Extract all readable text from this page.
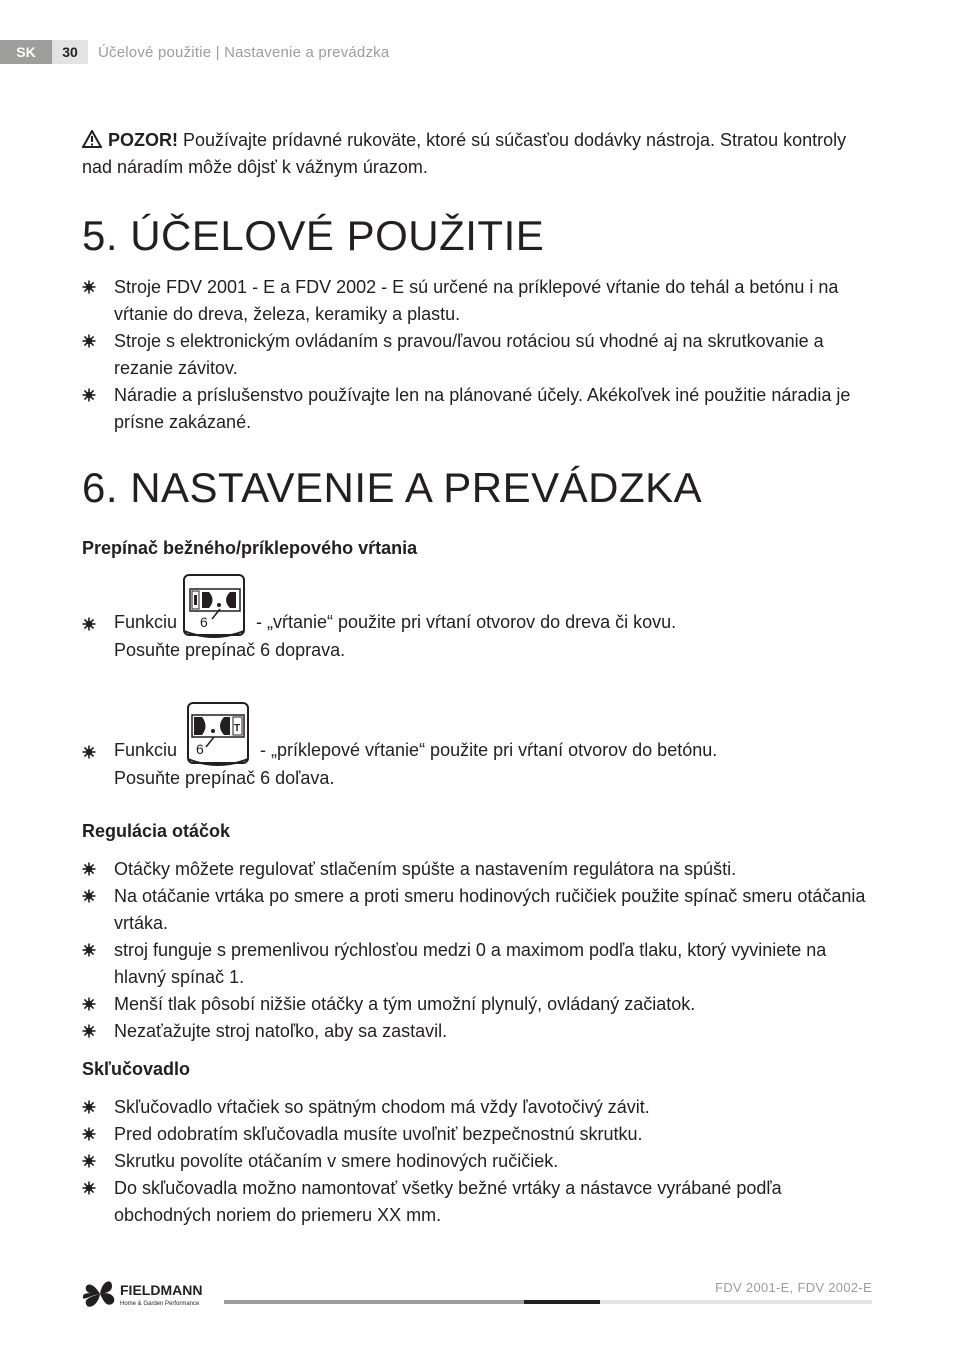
SK	30	Účelové použitie | Nastavenie a prevádzka

POZOR! Používajte prídavné rukoväte, ktoré sú súčasťou dodávky nástroja. Stratou kontroly nad náradím môže dôjsť k vážnym úrazom.

5. ÚČELOVÉ POUŽITIE
Stroje FDV 2001 - E a FDV 2002 - E sú určené na príklepové vŕtanie do tehál a betónu i na vŕtanie do dreva, železa, keramiky a plastu.
Stroje s elektronickým ovládaním s pravou/ľavou rotáciou sú vhodné aj na skrutkovanie a rezanie závitov.
Náradie a príslušenstvo používajte len na plánované účely. Akékoľvek iné použitie náradia je prísne zakázané.
6. NASTAVENIE A PREVÁDZKA
Prepínač bežného/príklepového vŕtania
Funkciu 6	- „vŕtanie“ použite pri vŕtaní otvorov do dreva či kovu.
Posuňte prepínač 6 doprava.
Funkciu
T
6	- „príklepové vŕtanie“ použite pri vŕtaní otvorov do betónu.
Posuňte prepínač 6 doľava.
Regulácia otáčok
Otáčky môžete regulovať stlačením spúšte a nastavením regulátora na spúšti.
Na otáčanie vrtáka po smere a proti smeru hodinových ručičiek použite spínač smeru otáčania vrtáka.
stroj funguje s premenlivou rýchlosťou medzi 0 a maximom podľa tlaku, ktorý vyviniete na hlavný spínač 1.
Menší tlak pôsobí nižšie otáčky a tým umožní plynulý, ovládaný začiatok.
Nezaťažujte stroj natoľko, aby sa zastavil.
Skľučovadlo
Skľučovadlo vŕtačiek so spätným chodom má vždy ľavotočivý závit.
Pred odobratím skľučovadla musíte uvoľniť bezpečnostnú skrutku.
Skrutku povolíte otáčaním v smere hodinových ručičiek.
Do skľučovadla možno namontovať všetky bežné vrtáky a nástavce vyrábané podľa obchodných noriem do priemeru XX mm.
FIELDMANN
Home & Garden Performance
FDV 2001-E, FDV 2002-E
